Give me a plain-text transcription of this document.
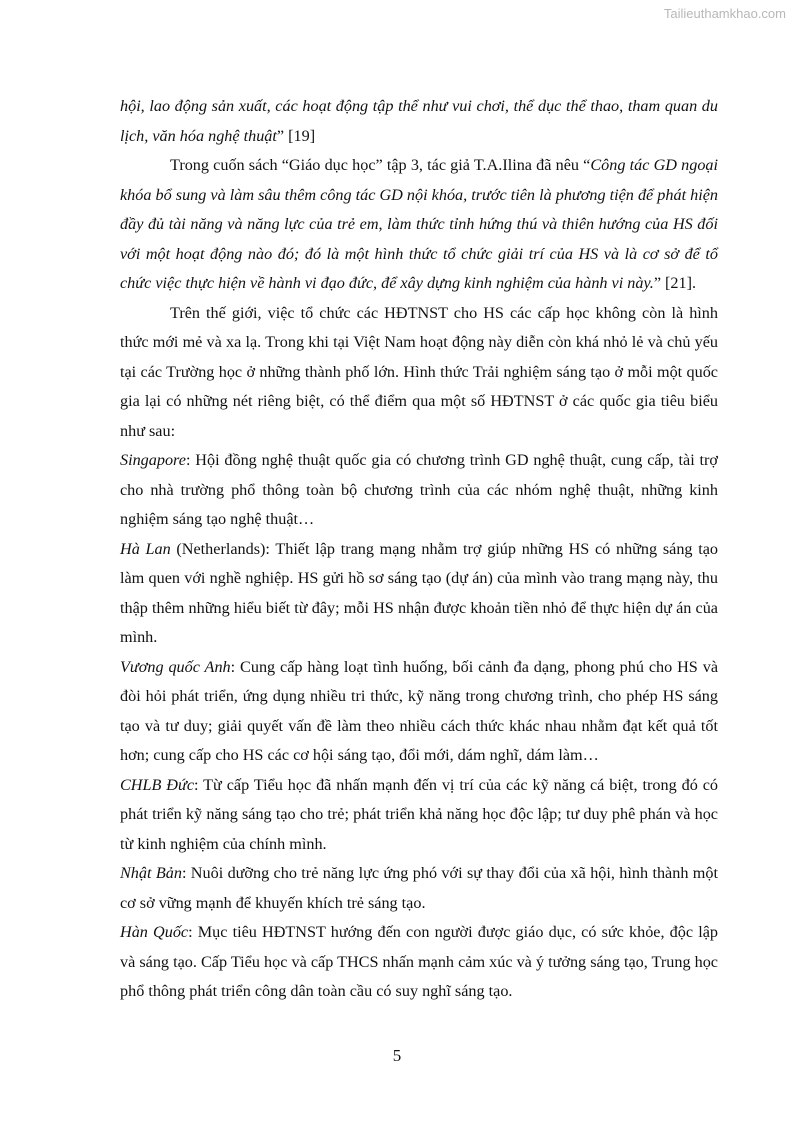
Tailieuthamkhao.com

hội, lao động sản xuất, các hoạt động tập thể như vui chơi, thể dục thể thao, tham quan du lịch, văn hóa nghệ thuật” [19]

Trong cuốn sách “Giáo dục học” tập 3, tác giả T.A.Ilina đã nêu “Công tác GD ngoại khóa bổ sung và làm sâu thêm công tác GD nội khóa, trước tiên là phương tiện để phát hiện đầy đủ tài năng và năng lực của trẻ em, làm thức tỉnh hứng thú và thiên hướng của HS đối với một hoạt động nào đó; đó là một hình thức tổ chức giải trí của HS và là cơ sở để tổ chức việc thực hiện về hành vi đạo đức, để xây dựng kinh nghiệm của hành vi này.” [21].

Trên thế giới, việc tổ chức các HĐTNST cho HS các cấp học không còn là hình thức mới mẻ và xa lạ. Trong khi tại Việt Nam hoạt động này diễn còn khá nhỏ lẻ và chủ yếu tại các Trường học ở những thành phố lớn. Hình thức Trải nghiệm sáng tạo ở mỗi một quốc gia lại có những nét riêng biệt, có thể điểm qua một số HĐTNST ở các quốc gia tiêu biểu như sau:

Singapore: Hội đồng nghệ thuật quốc gia có chương trình GD nghệ thuật, cung cấp, tài trợ cho nhà trường phổ thông toàn bộ chương trình của các nhóm nghệ thuật, những kinh nghiệm sáng tạo nghệ thuật…

Hà Lan (Netherlands): Thiết lập trang mạng nhằm trợ giúp những HS có những sáng tạo làm quen với nghề nghiệp. HS gửi hồ sơ sáng tạo (dự án) của mình vào trang mạng này, thu thập thêm những hiểu biết từ đây; mỗi HS nhận được khoản tiền nhỏ để thực hiện dự án của mình.

Vương quốc Anh: Cung cấp hàng loạt tình huống, bối cảnh đa dạng, phong phú cho HS và đòi hỏi phát triển, ứng dụng nhiều tri thức, kỹ năng trong chương trình, cho phép HS sáng tạo và tư duy; giải quyết vấn đề làm theo nhiều cách thức khác nhau nhằm đạt kết quả tốt hơn; cung cấp cho HS các cơ hội sáng tạo, đổi mới, dám nghĩ, dám làm…

CHLB Đức: Từ cấp Tiểu học đã nhấn mạnh đến vị trí của các kỹ năng cá biệt, trong đó có phát triển kỹ năng sáng tạo cho trẻ; phát triển khả năng học độc lập; tư duy phê phán và học từ kinh nghiệm của chính mình.

Nhật Bản: Nuôi dưỡng cho trẻ năng lực ứng phó với sự thay đổi của xã hội, hình thành một cơ sở vững mạnh để khuyến khích trẻ sáng tạo.

Hàn Quốc: Mục tiêu HĐTNST hướng đến con người được giáo dục, có sức khỏe, độc lập và sáng tạo. Cấp Tiểu học và cấp THCS nhấn mạnh cảm xúc và ý tưởng sáng tạo, Trung học phổ thông phát triển công dân toàn cầu có suy nghĩ sáng tạo.

5
